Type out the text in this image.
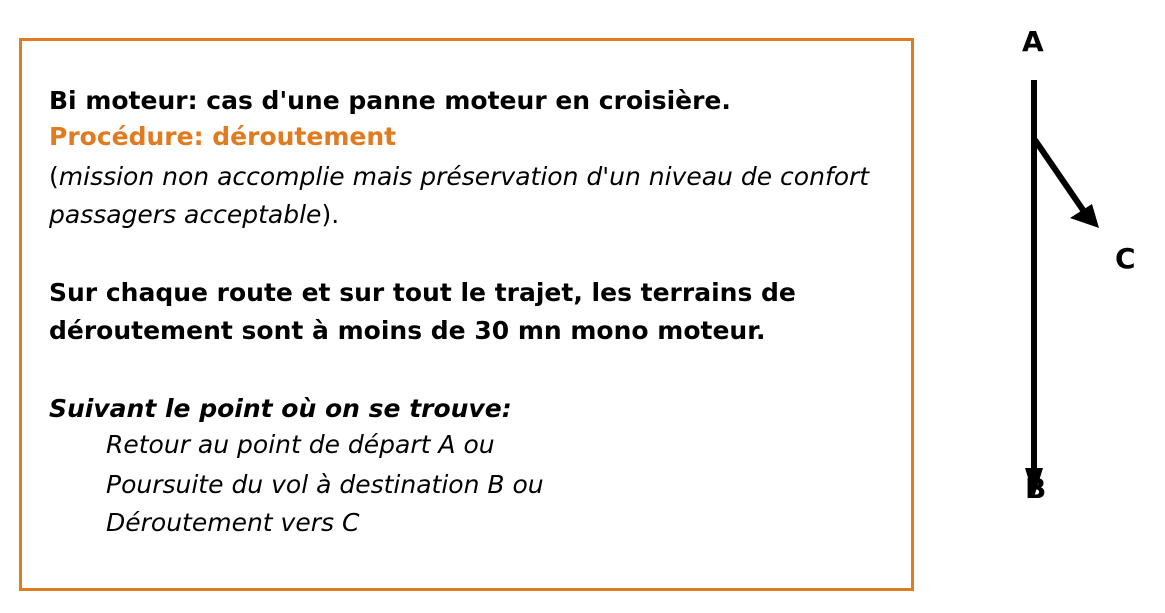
Bi moteur: cas d'une panne moteur en croisière.
Procédure: déroutement
(mission non accomplie mais préservation d'un niveau de confort
passagers acceptable).
Sur chaque route et sur tout le trajet, les terrains de
déroutement sont à moins de 30 mn mono moteur.
Suivant le point où on se trouve:
Retour au point de départ A ou
Poursuite du vol à destination B ou
Déroutement vers C
A
C
B
